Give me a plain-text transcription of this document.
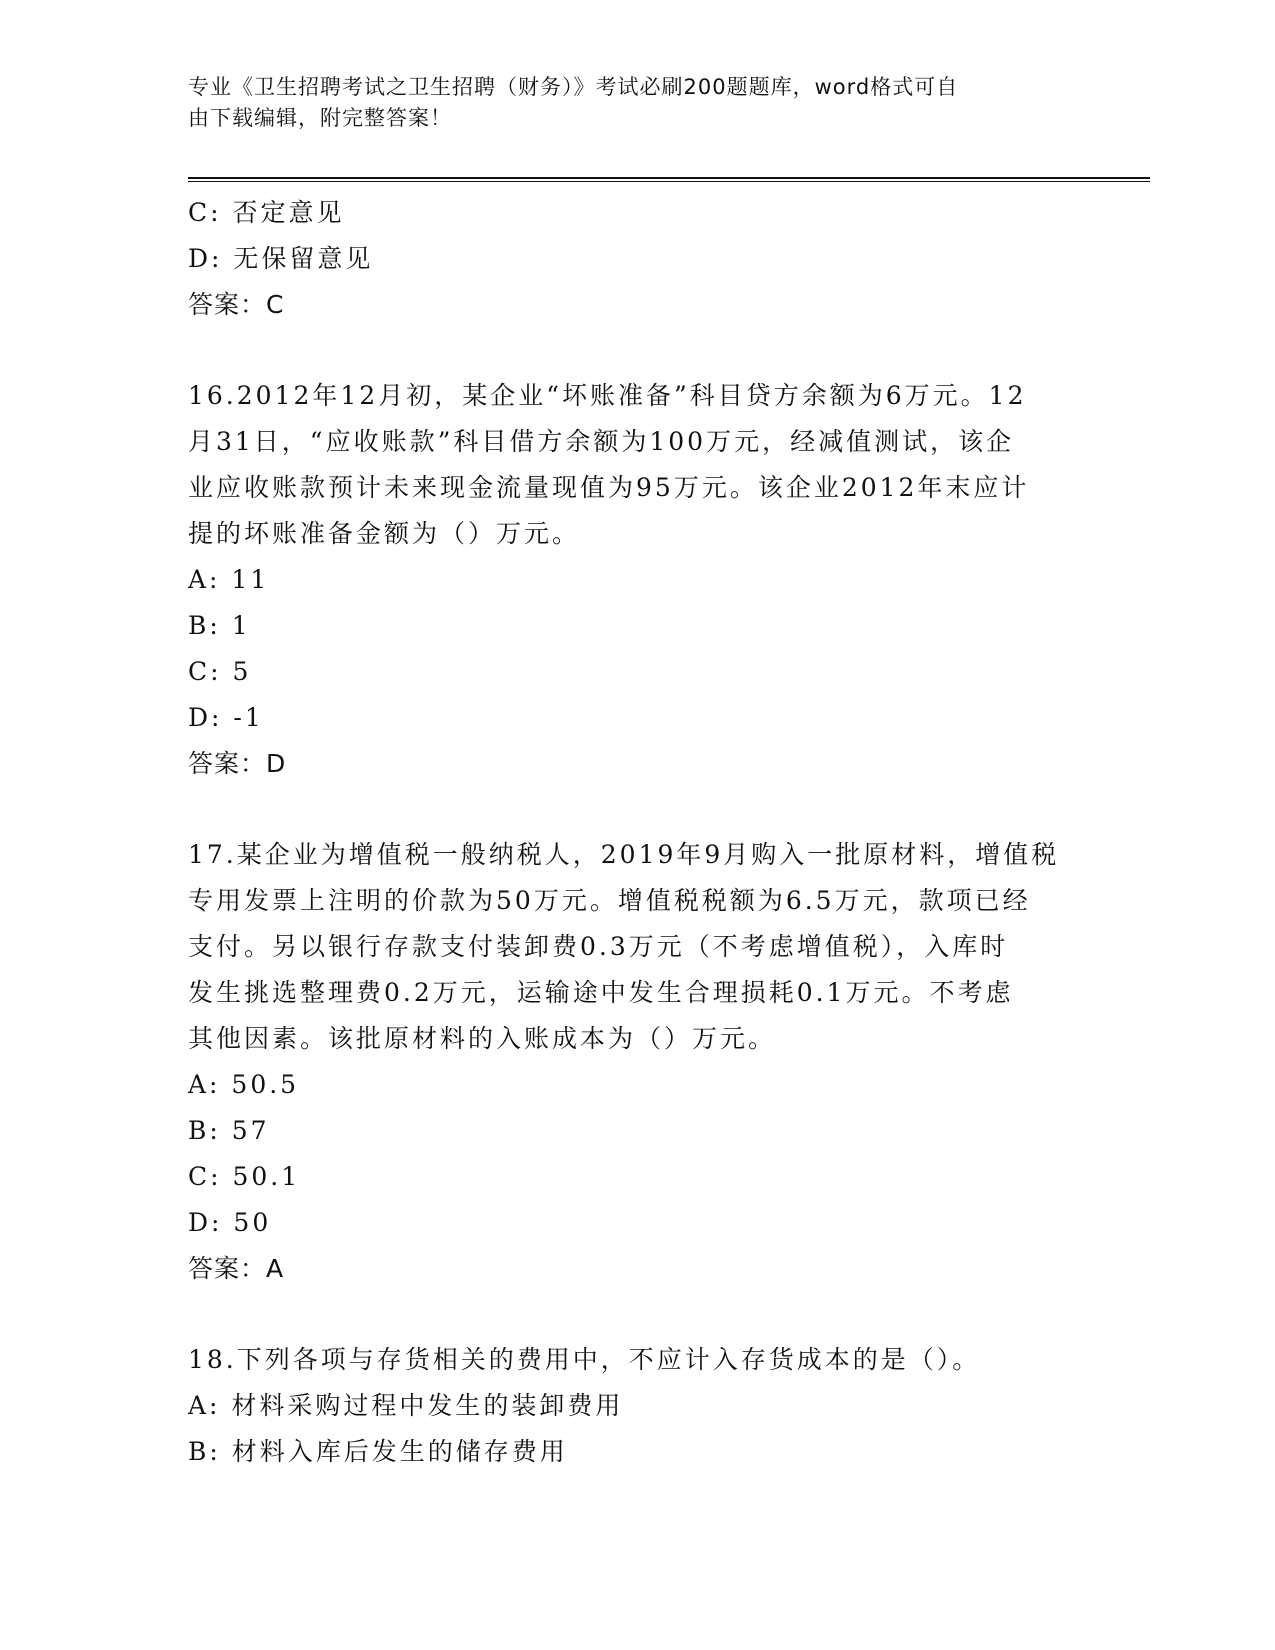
专业《卫生招聘考试之卫生招聘（财务）》考试必刷200题题库，word格式可自
由下载编辑，附完整答案！
C: 否定意见
D: 无保留意见
答案：C
16.2012年12月初，某企业“坏账准备”科目贷方余额为6万元。12
月31日，“应收账款”科目借方余额为100万元，经减值测试，该企
业应收账款预计未来现金流量现值为95万元。该企业2012年末应计
提的坏账准备金额为（）万元。
A: 11
B: 1
C: 5
D: -1
答案：D
17.某企业为增值税一般纳税人，2019年9月购入一批原材料，增值税
专用发票上注明的价款为50万元。增值税税额为6.5万元，款项已经
支付。另以银行存款支付装卸费0.3万元（不考虑增值税），入库时
发生挑选整理费0.2万元，运输途中发生合理损耗0.1万元。不考虑
其他因素。该批原材料的入账成本为（）万元。
A: 50.5
B: 57
C: 50.1
D: 50
答案：A
18.下列各项与存货相关的费用中，不应计入存货成本的是（）。
A: 材料采购过程中发生的装卸费用
B: 材料入库后发生的储存费用
